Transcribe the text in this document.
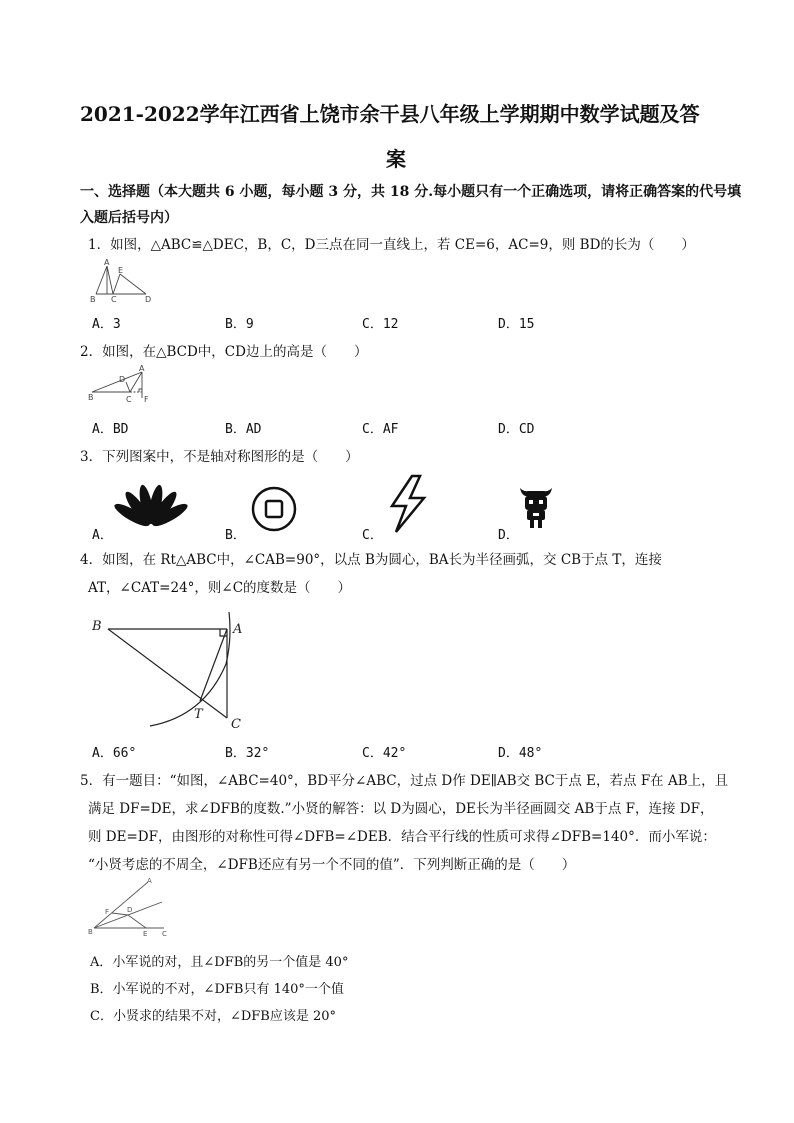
2021-2022学年江西省上饶市余干县八年级上学期期中数学试题及答
案
一、选择题（本大题共 6 小题，每小题 3 分，共 18 分.每小题只有一个正确选项，请将正确答案的代号填
入题后括号内）
1．如图，△ABC≌△DEC，B，C，D三点在同一直线上，若 CE=6，AC=9，则 BD的长为（　　）
A
E
B C	D
A．3	B．9	C．12	D．15
2．如图，在△BCD中，CD边上的高是（　　）
A
D
B	C F
A．BD	B．AD	C．AF	D．CD
3．下列图案中，不是轴对称图形的是（　　）
A．	B．	C．	D．
4．如图，在 Rt△ABC中，∠CAB=90°，以点 B为圆心，BA长为半径画弧，交 CB于点 T，连接
AT，∠CAT=24°，则∠C的度数是（　　）
B	A
T
C
A．66°	B．32°	C．42°	D．48°
5．有一题目：“如图，∠ABC=40°，BD平分∠ABC，过点 D作 DE∥AB交 BC于点 E，若点 F在 AB上，且
满足 DF=DE，求∠DFB的度数.”小贤的解答：以 D为圆心，DE长为半径画圆交 AB于点 F，连接 DF，
则 DE=DF，由图形的对称性可得∠DFB=∠DEB．结合平行线的性质可求得∠DFB=140°．而小军说：
“小贤考虑的不周全，∠DFB还应有另一个不同的值”．下列判断正确的是（　　）
A
F	D
B	E C
A．小军说的对，且∠DFB的另一个值是 40°
B．小军说的不对，∠DFB只有 140°一个值
C．小贤求的结果不对，∠DFB应该是 20°
